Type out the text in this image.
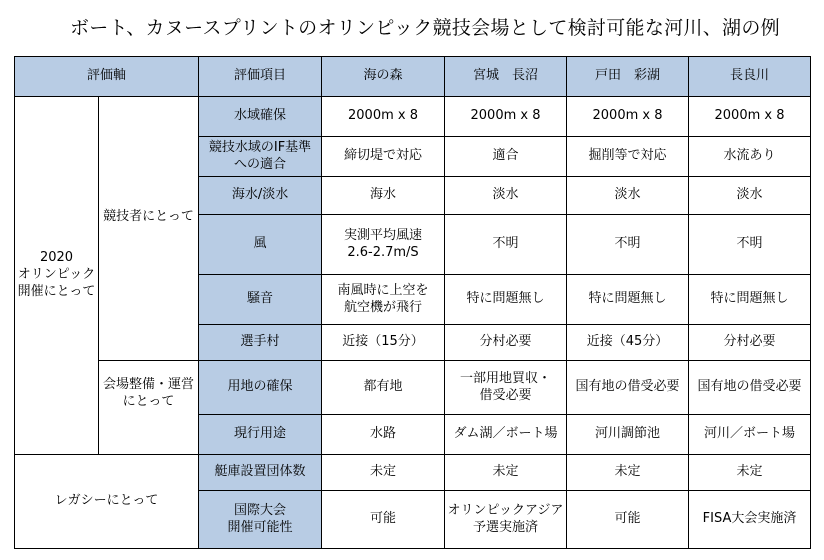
ボート、カヌースプリントのオリンピック競技会場として検討可能な河川、湖の例
評価軸		評価項目	海の森	宮城　長沼	戸田　彩湖	長良川
2020
オリンピック
開催にとって	競技者にとって	水域確保	2000m x 8	2000m x 8	2000m x 8	2000m x 8
		競技水域のIF基準
への適合	締切堤で対応	適合	掘削等で対応	水流あり
		海水/淡水	海水	淡水	淡水	淡水
		風	実測平均風速
2.6-2.7m/S	不明	不明	不明
		騒音	南風時に上空を
航空機が飛行	特に問題無し	特に問題無し	特に問題無し
		選手村	近接（15分）	分村必要	近接（45分）	分村必要
	会場整備・運営
にとって	用地の確保	都有地	一部用地買収・
借受必要	国有地の借受必要	国有地の借受必要
		現行用途	水路	ダム湖／ボート場	河川調節池	河川／ボート場
レガシーにとって		艇庫設置団体数	未定	未定	未定	未定
		国際大会
開催可能性	可能	オリンピックアジア
予選実施済	可能	FISA大会実施済
